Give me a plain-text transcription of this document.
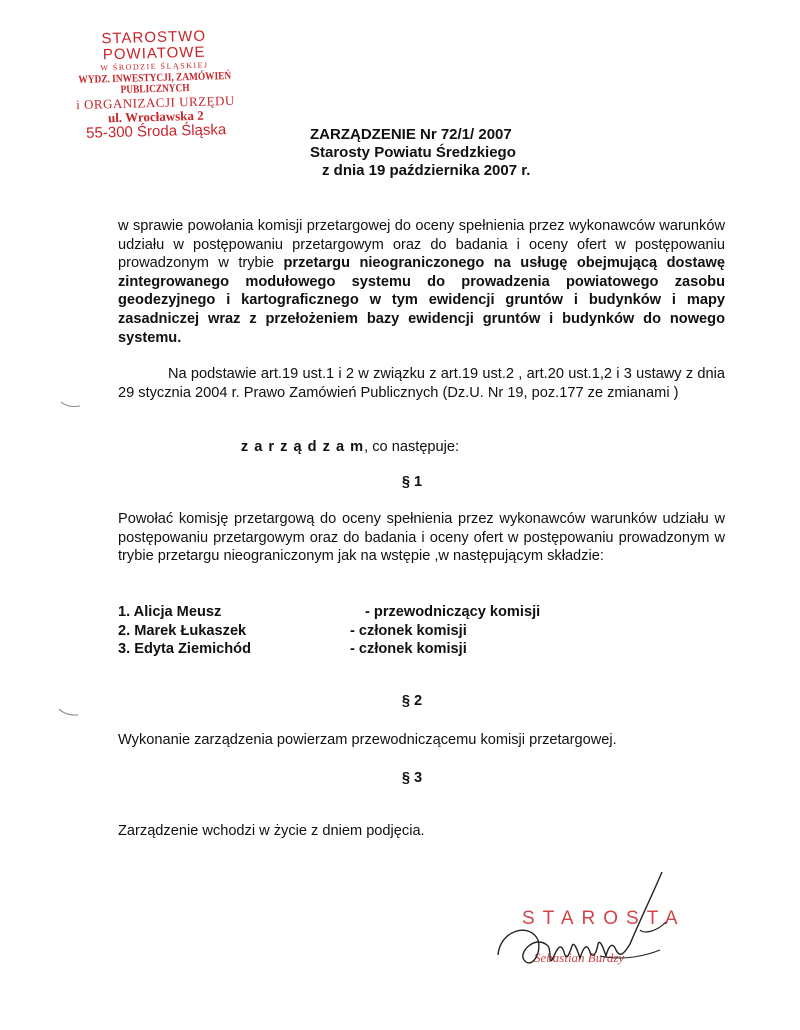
STAROSTWO POWIATOWE
W ŚRODZIE ŚLĄSKIEJ
WYDZ. INWESTYCJI, ZAMÓWIEŃ PUBLICZNYCH
i ORGANIZACJI URZĘDU
ul. Wrocławska 2
55-300 Środa Śląska	ZARZĄDZENIE Nr 72/1/ 2007
Starosty Powiatu Średzkiego
z dnia 19 października 2007 r.
w sprawie powołania komisji przetargowej do oceny spełnienia przez wykonawców warunków udziału w postępowaniu przetargowym oraz do badania i oceny ofert w postępowaniu prowadzonym w trybie przetargu nieograniczonego na usługę obejmującą dostawę zintegrowanego modułowego systemu do prowadzenia powiatowego zasobu geodezyjnego i kartograficznego w tym ewidencji gruntów i budynków i mapy zasadniczej wraz z przełożeniem bazy ewidencji gruntów i budynków do nowego systemu.
Na podstawie art.19 ust.1 i 2 w związku z art.19 ust.2 , art.20 ust.1,2 i 3 ustawy z dnia 29 stycznia 2004 r. Prawo Zamówień Publicznych (Dz.U. Nr 19, poz.177 ze zmianami )
z a r z ą d z a m, co następuje:
§ 1
Powołać komisję przetargową do oceny spełnienia przez wykonawców warunków udziału w postępowaniu przetargowym oraz do badania i oceny ofert w postępowaniu prowadzonym w trybie przetargu nieograniczonym jak na wstępie ,w następującym składzie:
1. Alicja Meusz	- przewodniczący komisji
2. Marek Łukaszek	- członek komisji
3. Edyta Ziemichód	- członek komisji
§ 2
Wykonanie zarządzenia powierzam przewodniczącemu komisji przetargowej.
§ 3
Zarządzenie wchodzi w życie z dniem podjęcia.
STAROSTA
Sebastian Burdzy
